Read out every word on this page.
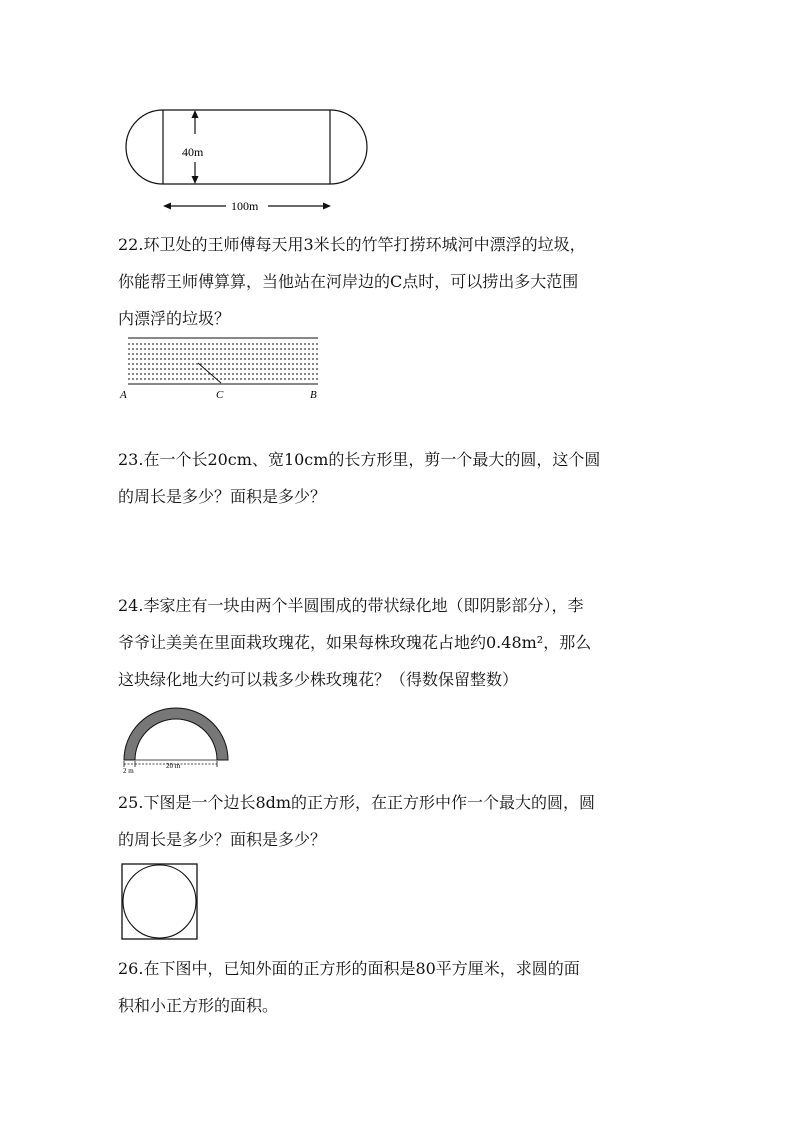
40m
100m
22.环卫处的王师傅每天用3米长的竹竿打捞环城河中漂浮的垃圾，
你能帮王师傅算算，当他站在河岸边的C点时，可以捞出多大范围
内漂浮的垃圾？
A	C	B
23.在一个长20cm、宽10cm的长方形里，剪一个最大的圆，这个圆
的周长是多少？面积是多少？
24.李家庄有一块由两个半圆围成的带状绿化地（即阴影部分），李
爷爷让美美在里面栽玫瑰花，如果每株玫瑰花占地约0.48m²，那么
这块绿化地大约可以栽多少株玫瑰花？（得数保留整数）
2 m
20 m
25.下图是一个边长8dm的正方形，在正方形中作一个最大的圆，圆
的周长是多少？面积是多少？
26.在下图中，已知外面的正方形的面积是80平方厘米，求圆的面
积和小正方形的面积。
